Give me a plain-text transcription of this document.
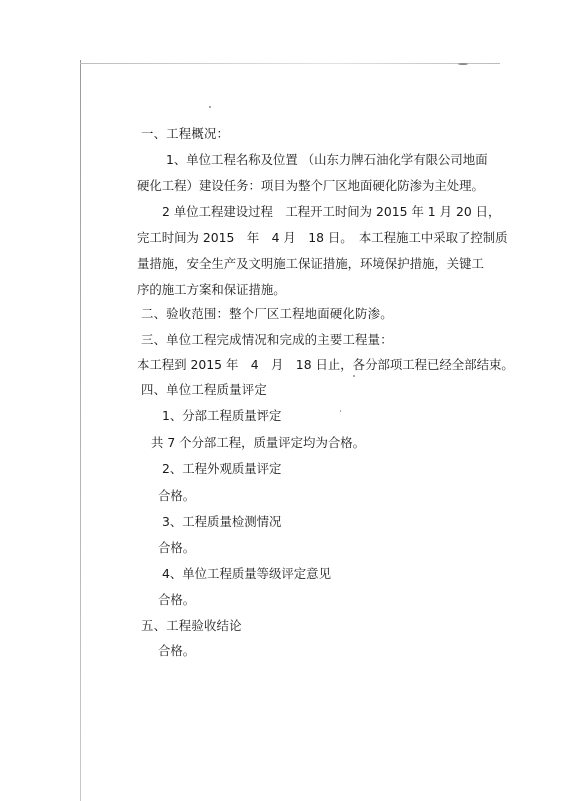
一、工程概况：
1、单位工程名称及位置 （山东力牌石油化学有限公司地面
硬化工程）建设任务：项目为整个厂区地面硬化防渗为主处理。
2 单位工程建设过程　工程开工时间为 2015 年 1 月 20 日，
完工时间为 2015　年　4 月　18 日。　本工程施工中采取了控制质
量措施，安全生产及文明施工保证措施，环境保护措施，关键工
序的施工方案和保证措施。
二、验收范围：整个厂区工程地面硬化防渗。
三、单位工程完成情况和完成的主要工程量：
本工程到 2015 年　4　月　18 日止，各分部项工程已经全部结束。
四、单位工程质量评定
1、分部工程质量评定
共 7 个分部工程，质量评定均为合格。
2、工程外观质量评定
合格。
3、工程质量检测情况
合格。
4、单位工程质量等级评定意见
合格。
五、工程验收结论
合格。
